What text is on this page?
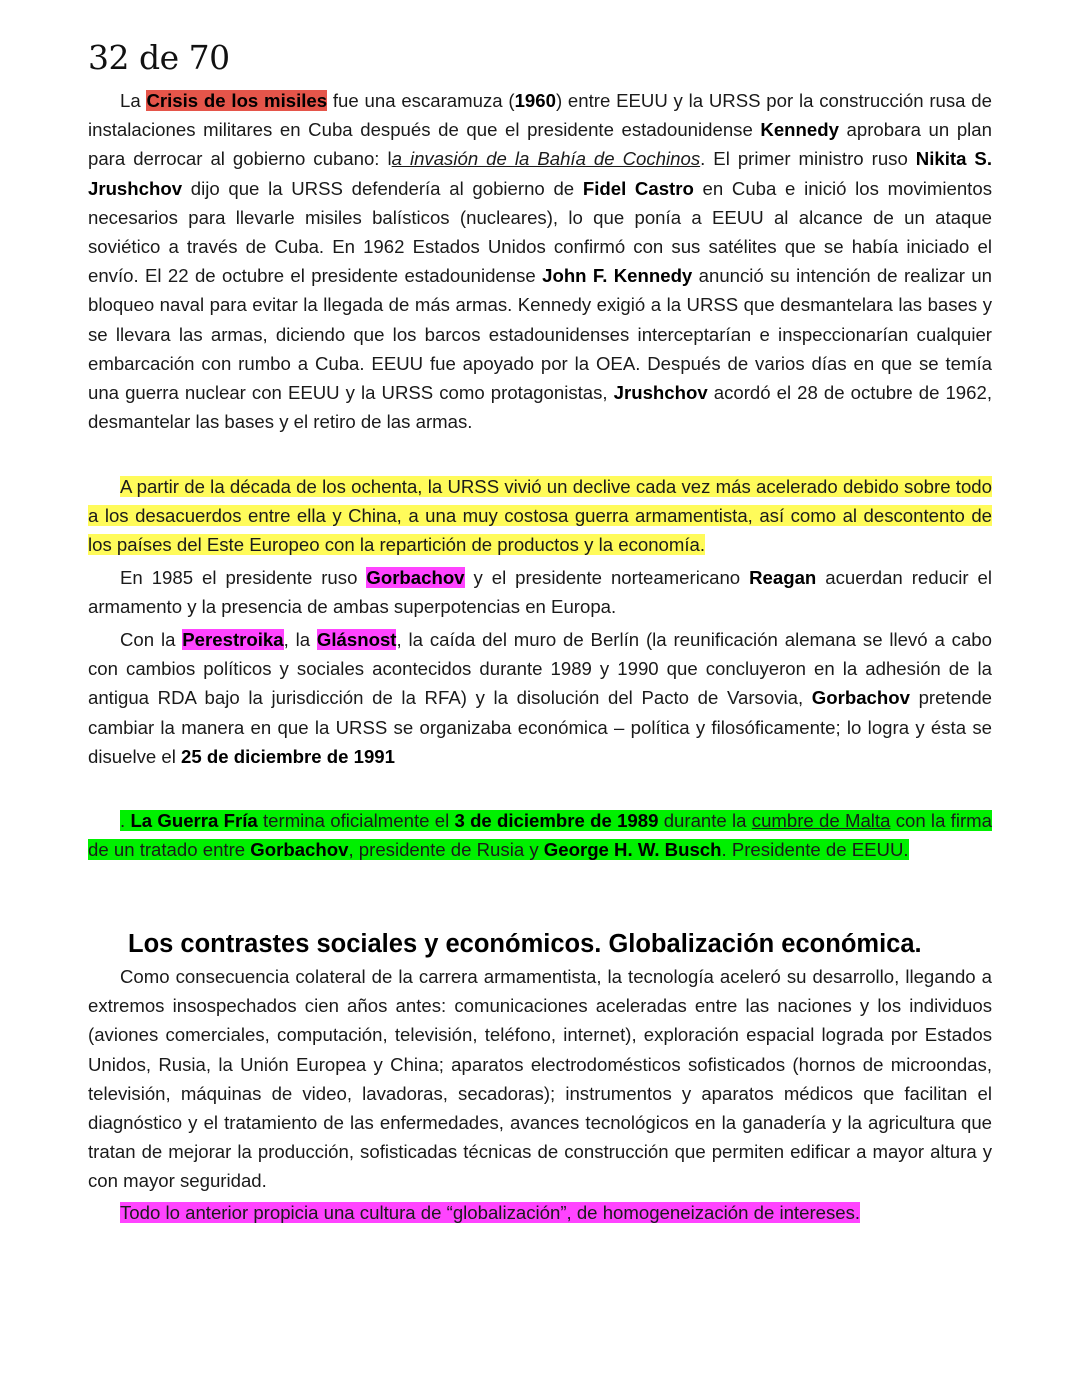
32 de 70

La Crisis de los misiles fue una escaramuza (1960) entre EEUU y la URSS por la construcción rusa de instalaciones militares en Cuba después de que el presidente estadounidense Kennedy aprobara un plan para derrocar al gobierno cubano: la invasión de la Bahía de Cochinos. El primer ministro ruso Nikita S. Jrushchov dijo que la URSS defendería al gobierno de Fidel Castro en Cuba e inició los movimientos necesarios para llevarle misiles balísticos (nucleares), lo que ponía a EEUU al alcance de un ataque soviético a través de Cuba. En 1962 Estados Unidos confirmó con sus satélites que se había iniciado el envío. El 22 de octubre el presidente estadounidense John F. Kennedy anunció su intención de realizar un bloqueo naval para evitar la llegada de más armas. Kennedy exigió a la URSS que desmantelara las bases y se llevara las armas, diciendo que los barcos estadounidenses interceptarían e inspeccionarían cualquier embarcación con rumbo a Cuba. EEUU fue apoyado por la OEA. Después de varios días en que se temía una guerra nuclear con EEUU y la URSS como protagonistas, Jrushchov acordó el 28 de octubre de 1962, desmantelar las bases y el retiro de las armas.

A partir de la década de los ochenta, la URSS vivió un declive cada vez más acelerado debido sobre todo a los desacuerdos entre ella y China, a una muy costosa guerra armamentista, así como al descontento de los países del Este Europeo con la repartición de productos y la economía.

En 1985 el presidente ruso Gorbachov y el presidente norteamericano Reagan acuerdan reducir el armamento y la presencia de ambas superpotencias en Europa.

Con la Perestroika, la Glásnost, la caída del muro de Berlín (la reunificación alemana se llevó a cabo con cambios políticos y sociales acontecidos durante 1989 y 1990 que concluyeron en la adhesión de la antigua RDA bajo la jurisdicción de la RFA) y la disolución del Pacto de Varsovia, Gorbachov pretende cambiar la manera en que la URSS se organizaba económica – política y filosóficamente; lo logra y ésta se disuelve el 25 de diciembre de 1991

. La Guerra Fría termina oficialmente el 3 de diciembre de 1989 durante la cumbre de Malta con la firma de un tratado entre Gorbachov, presidente de Rusia y George H. W. Busch. Presidente de EEUU.

Los contrastes sociales y económicos. Globalización económica.

Como consecuencia colateral de la carrera armamentista, la tecnología aceleró su desarrollo, llegando a extremos insospechados cien años antes: comunicaciones aceleradas entre las naciones y los individuos (aviones comerciales, computación, televisión, teléfono, internet), exploración espacial lograda por Estados Unidos, Rusia, la Unión Europea y China; aparatos electrodomésticos sofisticados (hornos de microondas, televisión, máquinas de video, lavadoras, secadoras); instrumentos y aparatos médicos que facilitan el diagnóstico y el tratamiento de las enfermedades, avances tecnológicos en la ganadería y la agricultura que tratan de mejorar la producción, sofisticadas técnicas de construcción que permiten edificar a mayor altura y con mayor seguridad.

Todo lo anterior propicia una cultura de “globalización”, de homogeneización de intereses.
